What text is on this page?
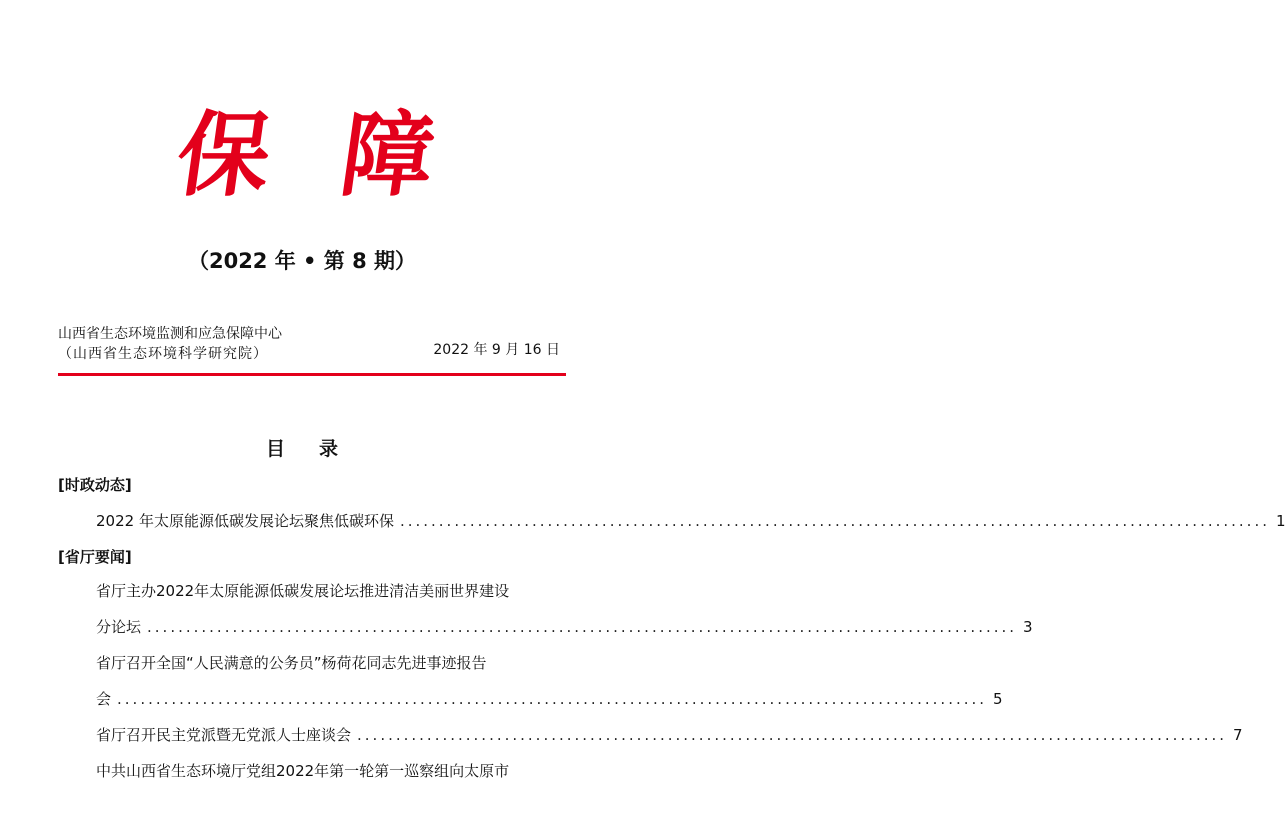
保 障
（2022 年 • 第 8 期）
山西省生态环境监测和应急保障中心
（山西省生态环境科学研究院）	2022 年 9 月 16 日
目录
[时政动态]
2022 年太原能源低碳发展论坛聚焦低碳环保 ................................................................................................................ 1
[省厅要闻]
省厅主办2022年太原能源低碳发展论坛推进清洁美丽世界建设
分论坛 ................................................................................................................ 3
省厅召开全国“人民满意的公务员”杨荷花同志先进事迹报告
会 ................................................................................................................ 5
省厅召开民主党派暨无党派人士座谈会 ................................................................................................................ 7
中共山西省生态环境厅党组2022年第一轮第一巡察组向太原市
